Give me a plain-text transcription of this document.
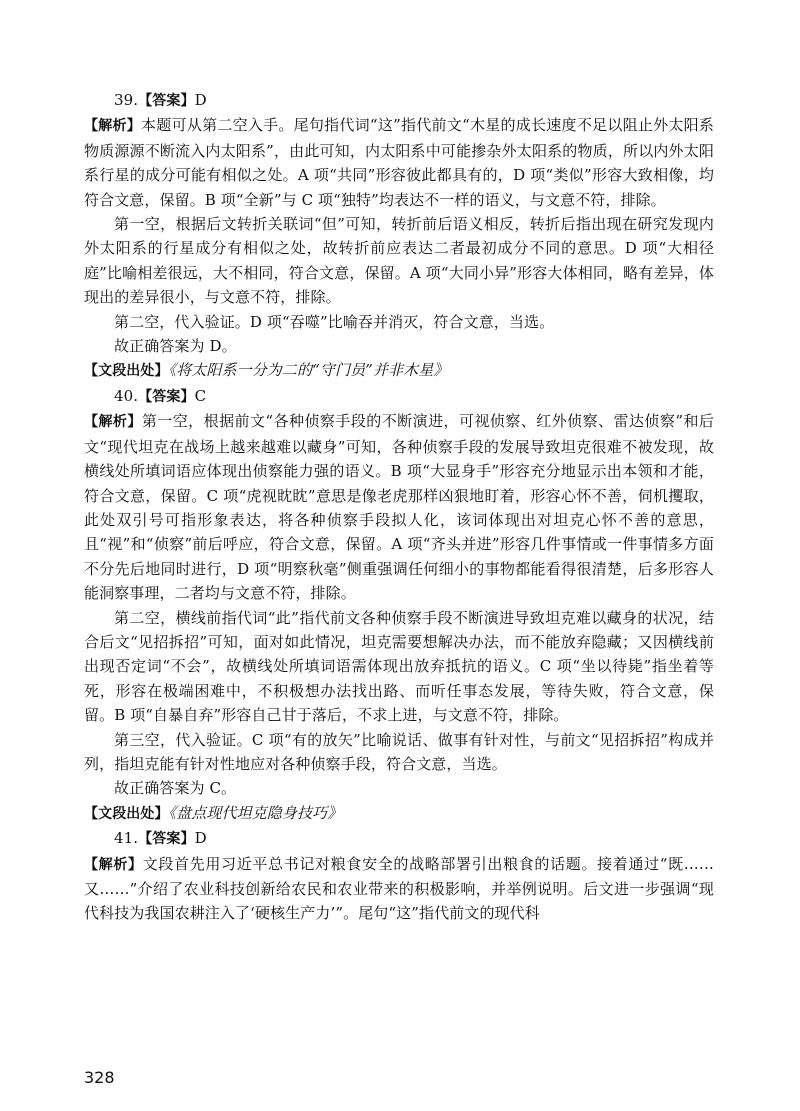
39.【答案】D

【解析】本题可从第二空入手。尾句指代词“这”指代前文“木星的成长速度不足以阻止外太阳系物质源源不断流入内太阳系”，由此可知，内太阳系中可能掺杂外太阳系的物质，所以内外太阳系行星的成分可能有相似之处。A 项“共同”形容彼此都具有的，D 项“类似”形容大致相像，均符合文意，保留。B 项“全新”与 C 项“独特”均表达不一样的语义，与文意不符，排除。

第一空，根据后文转折关联词“但”可知，转折前后语义相反，转折后指出现在研究发现内外太阳系的行星成分有相似之处，故转折前应表达二者最初成分不同的意思。D 项“大相径庭”比喻相差很远，大不相同，符合文意，保留。A 项“大同小异”形容大体相同，略有差异，体现出的差异很小，与文意不符，排除。

第二空，代入验证。D 项“吞噬”比喻吞并消灭，符合文意，当选。

故正确答案为 D。

【文段出处】《将太阳系一分为二的“守门员”并非木星》

40.【答案】C

【解析】第一空，根据前文“各种侦察手段的不断演进，可视侦察、红外侦察、雷达侦察”和后文“现代坦克在战场上越来越难以藏身”可知，各种侦察手段的发展导致坦克很难不被发现，故横线处所填词语应体现出侦察能力强的语义。B 项“大显身手”形容充分地显示出本领和才能，符合文意，保留。C 项“虎视眈眈”意思是像老虎那样凶狠地盯着，形容心怀不善，伺机攫取，此处双引号可指形象表达，将各种侦察手段拟人化，该词体现出对坦克心怀不善的意思，且“视”和“侦察”前后呼应，符合文意，保留。A 项“齐头并进”形容几件事情或一件事情多方面不分先后地同时进行，D 项“明察秋毫”侧重强调任何细小的事物都能看得很清楚，后多形容人能洞察事理，二者均与文意不符，排除。

第二空，横线前指代词“此”指代前文各种侦察手段不断演进导致坦克难以藏身的状况，结合后文“见招拆招”可知，面对如此情况，坦克需要想解决办法，而不能放弃隐藏；又因横线前出现否定词“不会”，故横线处所填词语需体现出放弃抵抗的语义。C 项“坐以待毙”指坐着等死，形容在极端困难中，不积极想办法找出路、而听任事态发展，等待失败，符合文意，保留。B 项“自暴自弃”形容自己甘于落后，不求上进，与文意不符，排除。

第三空，代入验证。C 项“有的放矢”比喻说话、做事有针对性，与前文“见招拆招”构成并列，指坦克能有针对性地应对各种侦察手段，符合文意，当选。

故正确答案为 C。

【文段出处】《盘点现代坦克隐身技巧》

41.【答案】D

【解析】文段首先用习近平总书记对粮食安全的战略部署引出粮食的话题。接着通过“既……又……”介绍了农业科技创新给农民和农业带来的积极影响，并举例说明。后文进一步强调“现代科技为我国农耕注入了‘硬核生产力’”。尾句“这”指代前文的现代科

328
